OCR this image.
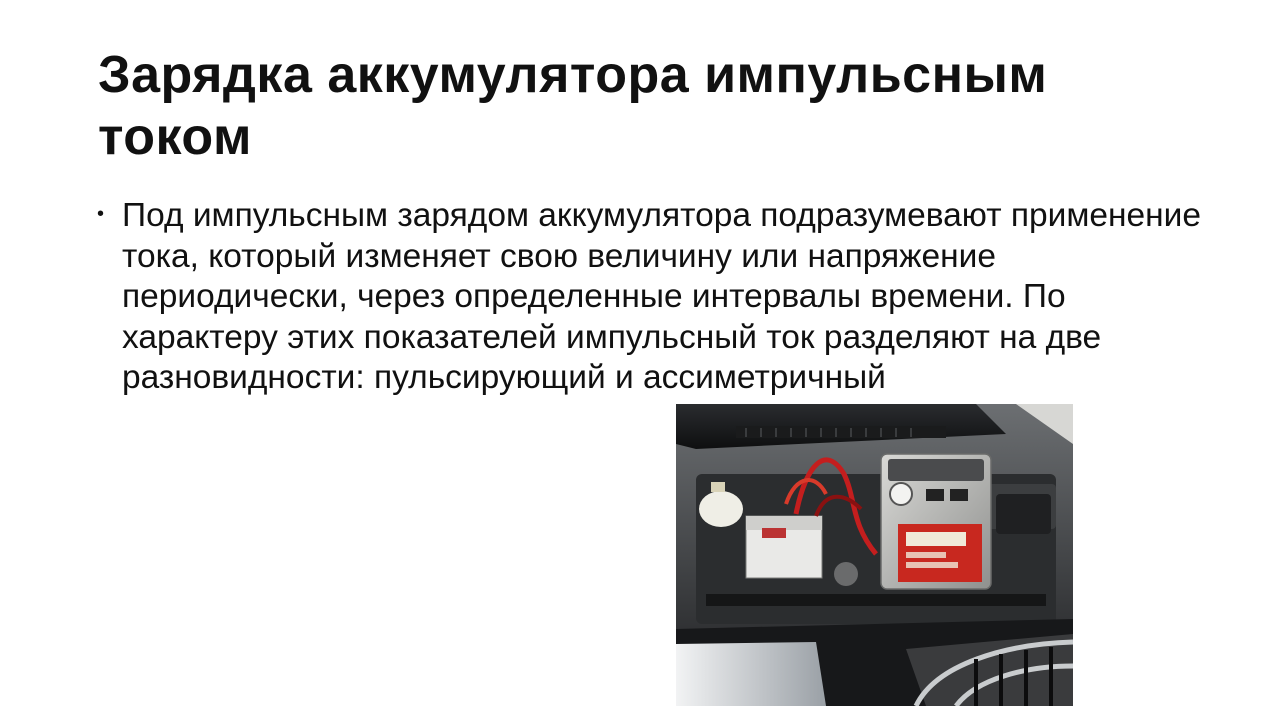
Зарядка аккумулятора импульсным током
• Под импульсным зарядом аккумулятора подразумевают применение тока, который изменяет свою величину или напряжение периодически, через определенные интервалы времени. По характеру этих показателей импульсный ток разделяют на две разновидности: пульсирующий и ассиметричный
